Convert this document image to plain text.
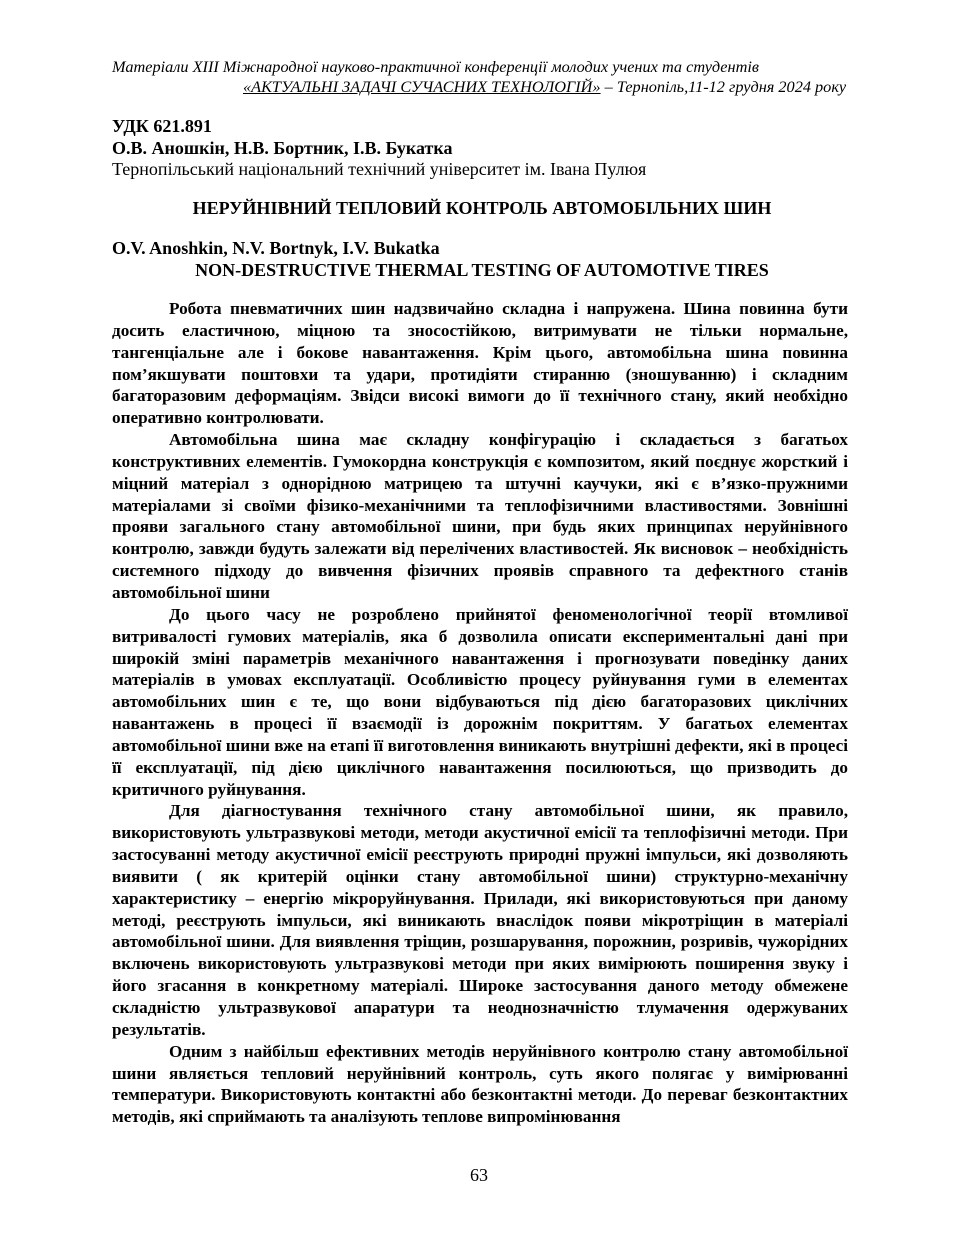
Матеріали XIII Міжнародної науково-практичної конференції молодих учених та студентів
«АКТУАЛЬНІ ЗАДАЧІ СУЧАСНИХ ТЕХНОЛОГІЙ» – Тернопіль,11-12 грудня 2024 року
УДК 621.891
О.В. Аношкін, Н.В. Бортник, І.В. Букатка
Тернопільський національний технічний університет ім. Івана Пулюя
НЕРУЙНІВНИЙ ТЕПЛОВИЙ КОНТРОЛЬ АВТОМОБІЛЬНИХ ШИН
O.V. Anoshkin, N.V. Bortnyk, I.V. Bukatka
NON-DESTRUCTIVE THERMAL TESTING OF AUTOMOTIVE TIRES

Робота пневматичних шин надзвичайно складна і напружена. Шина повинна бути досить еластичною, міцною та зносостійкою, витримувати не тільки нормальне, тангенціальне але і бокове навантаження. Крім цього, автомобільна шина повинна пом’якшувати поштовхи та удари, протидіяти стиранню (зношуванню) і складним багаторазовим деформаціям. Звідси високі вимоги до її технічного стану, який необхідно оперативно контролювати.

Автомобільна шина має складну конфігурацію і складається з багатьох конструктивних елементів. Гумокордна конструкція є композитом, який поєднує жорсткий і міцний матеріал з однорідною матрицею та штучні каучуки, які є в’язко-пружними матеріалами зі своїми фізико-механічними та теплофізичними властивостями. Зовнішні прояви загального стану автомобільної шини, при будь яких принципах неруйнівного контролю, завжди будуть залежати від перелічених властивостей. Як висновок – необхідність системного підходу до вивчення фізичних проявів справного та дефектного станів автомобільної шини

До цього часу не розроблено прийнятої феноменологічної теорії втомливої витривалості гумових матеріалів, яка б дозволила описати експериментальні дані при широкій зміні параметрів механічного навантаження і прогнозувати поведінку даних матеріалів в умовах експлуатації. Особливістю процесу руйнування гуми в елементах автомобільних шин є те, що вони відбуваються під дією багаторазових циклічних навантажень в процесі її взаємодії із дорожнім покриттям. У багатьох елементах автомобільної шини вже на етапі її виготовлення виникають внутрішні дефекти, які в процесі її експлуатації, під дією циклічного навантаження посилюються, що призводить до критичного руйнування.

Для діагностування технічного стану автомобільної шини, як правило, використовують ультразвукові методи, методи акустичної емісії та теплофізичні методи. При застосуванні методу акустичної емісії реєструють природні пружні імпульси, які дозволяють виявити ( як критерій оцінки стану автомобільної шини) структурно-механічну характеристику – енергію мікроруйнування. Прилади, які використовуються при даному методі, реєструють імпульси, які виникають внаслідок появи мікротріщин в матеріалі автомобільної шини. Для виявлення тріщин, розшарування, порожнин, розривів, чужорідних включень використовують ультразвукові методи при яких вимірюють поширення звуку і його згасання в конкретному матеріалі. Широке застосування даного методу обмежене складністю ультразвукової апаратури та неоднозначністю тлумачення одержуваних результатів.

Одним з найбільш ефективних методів неруйнівного контролю стану автомобільної шини являється тепловий неруйнівний контроль, суть якого полягає у вимірюванні температури. Використовують контактні або безконтактні методи. До переваг безконтактних методів, які сприймають та аналізують теплове випромінювання

63
